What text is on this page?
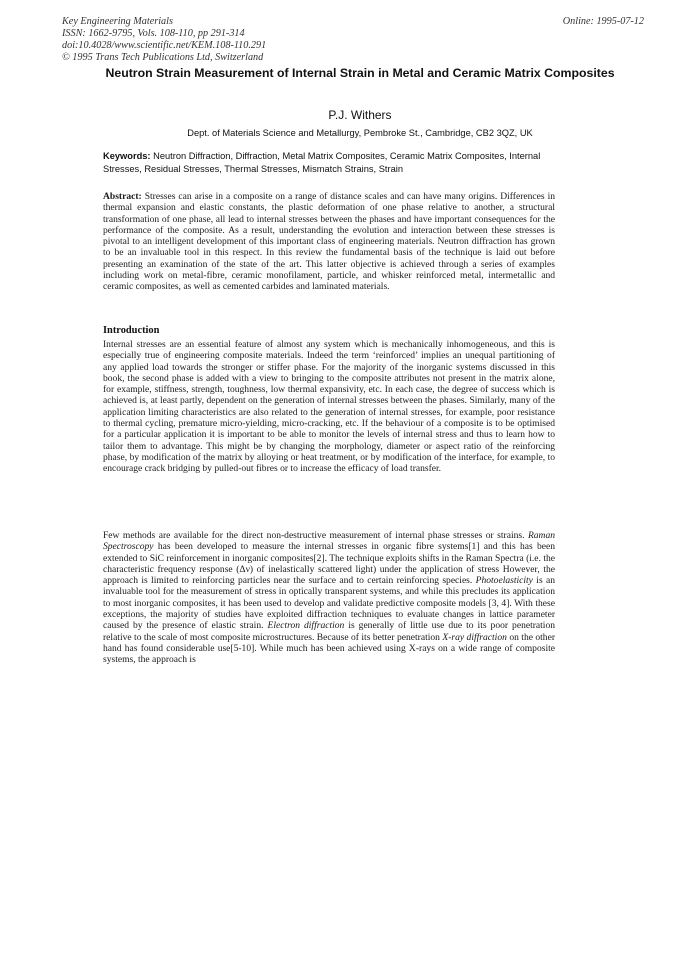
Key Engineering Materials
ISSN: 1662-9795, Vols. 108-110, pp 291-314
doi:10.4028/www.scientific.net/KEM.108-110.291
© 1995 Trans Tech Publications Ltd, Switzerland
Online: 1995-07-12
Neutron Strain Measurement of Internal Strain in Metal and Ceramic Matrix Composites
P.J. Withers
Dept. of Materials Science and Metallurgy, Pembroke St., Cambridge, CB2 3QZ, UK
Keywords: Neutron Diffraction, Diffraction, Metal Matrix Composites, Ceramic Matrix Composites, Internal Stresses, Residual Stresses, Thermal Stresses, Mismatch Strains, Strain
Abstract: Stresses can arise in a composite on a range of distance scales and can have many origins. Differences in thermal expansion and elastic constants, the plastic deformation of one phase relative to another, a structural transformation of one phase, all lead to internal stresses between the phases and have important consequences for the performance of the composite. As a result, understanding the evolution and interaction between these stresses is pivotal to an intelligent development of this important class of engineering materials. Neutron diffraction has grown to be an invaluable tool in this respect. In this review the fundamental basis of the technique is laid out before presenting an examination of the state of the art. This latter objective is achieved through a series of examples including work on metal-fibre, ceramic monofilament, particle, and whisker reinforced metal, intermetallic and ceramic composites, as well as cemented carbides and laminated materials.
Introduction
Internal stresses are an essential feature of almost any system which is mechanically inhomogeneous, and this is especially true of engineering composite materials. Indeed the term ‘reinforced’ implies an unequal partitioning of any applied load towards the stronger or stiffer phase. For the majority of the inorganic systems discussed in this book, the second phase is added with a view to bringing to the composite attributes not present in the matrix alone, for example, stiffness, strength, toughness, low thermal expansivity, etc. In each case, the degree of success which is achieved is, at least partly, dependent on the generation of internal stresses between the phases. Similarly, many of the application limiting characteristics are also related to the generation of internal stresses, for example, poor resistance to thermal cycling, premature micro-yielding, micro-cracking, etc. If the behaviour of a composite is to be optimised for a particular application it is important to be able to monitor the levels of internal stress and thus to learn how to tailor them to advantage. This might be by changing the morphology, diameter or aspect ratio of the reinforcing phase, by modification of the matrix by alloying or heat treatment, or by modification of the interface, for example, to encourage crack bridging by pulled-out fibres or to increase the efficacy of load transfer.
Few methods are available for the direct non-destructive measurement of internal phase stresses or strains. Raman Spectroscopy has been developed to measure the internal stresses in organic fibre systems[1] and this has been extended to SiC reinforcement in inorganic composites[2]. The technique exploits shifts in the Raman Spectra (i.e. the characteristic frequency response (Δν) of inelastically scattered light) under the application of stress However, the approach is limited to reinforcing particles near the surface and to certain reinforcing species. Photoelasticity is an invaluable tool for the measurement of stress in optically transparent systems, and while this precludes its application to most inorganic composites, it has been used to develop and validate predictive composite models [3, 4]. With these exceptions, the majority of studies have exploited diffraction techniques to evaluate changes in lattice parameter caused by the presence of elastic strain. Electron diffraction is generally of little use due to its poor penetration relative to the scale of most composite microstructures. Because of its better penetration X-ray diffraction on the other hand has found considerable use[5-10]. While much has been achieved using X-rays on a wide range of composite systems, the approach is
